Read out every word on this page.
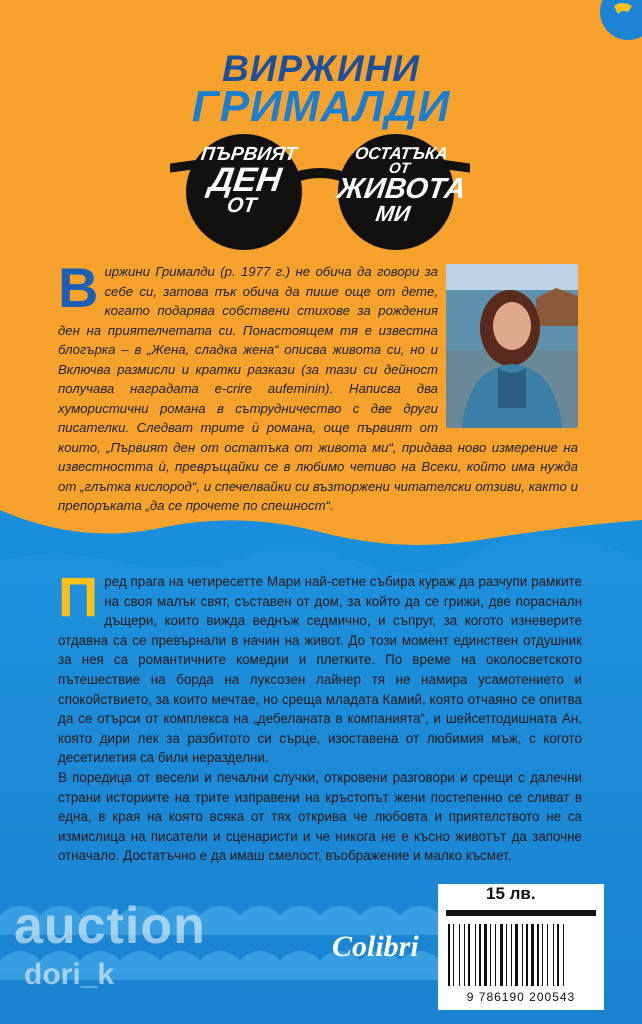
ВИРЖИНИ
ГРИМАЛДИ
ПЪРВИЯТ
ДЕН
ОТ
ОСТАТЪКА
ОТ
ЖИВОТА
МИ
Виржини Грималди (р. 1977 г.) не обича да говори за себе си, затова пък обича да пише още от дете, когато подарява собствени стихове за рождения ден на приятелчетата си. Понастоящем тя е известна блогърка – в „Жена, сладка жена“ описва живота си, но и Включва размисли и кратки разкази (за тази си дейност получава наградата e-crire aufeminin). Написва два хумористични романа в сътрудничество с две други писателки. Следват трите ѝ романа, още първият от които, „Първият ден от остатъка от живота ми“, придава ново измерение на известността ѝ, превръщайки се в любимо четиво на Всеки, който има нужда от „глътка кислород“, и спечелвайки си възторжени читателски отзиви, както и препоръката „да се прочете по спешност“.

Пред прага на четиресетте Мари най-сетне събира кураж да разчупи рамките на своя малък свят, съставен от дом, за който да се грижи, две порасналн дъщери, които вижда веднъж седмично, и съпруг, за когото изневерите отдавна са се превърнали в начин на живот. До този момент единствен отдушник за нея са романтичните комедии и плетките. По време на околосветското пътешествие на борда на луксозен лайнер тя не намира усамотението и спокойствието, за които мечтае, но среща младата Камий, която отчаяно се опитва да се отърси от комплекса на „дебеланата в компанията“, и шейсетгодишната Ан, която дири лек за разбитото си сърце, изоставена от любимия мъж, с когото десетилетия са били неразделни.

В поредица от весели и печални случки, откровени разговори и срещи с далечни страни историите на трите изправени на кръстопът жени постепенно се сливат в една, в края на която всяка от тях открива че любовта и приятелството не са измислица на писатели и сценаристи и че никога не е късно животът да започне отначало. Достатъчно е да имаш смелост, въображение и малко късмет.

auction
dori_k
Colibri
15 лв.
9 786190 200543
